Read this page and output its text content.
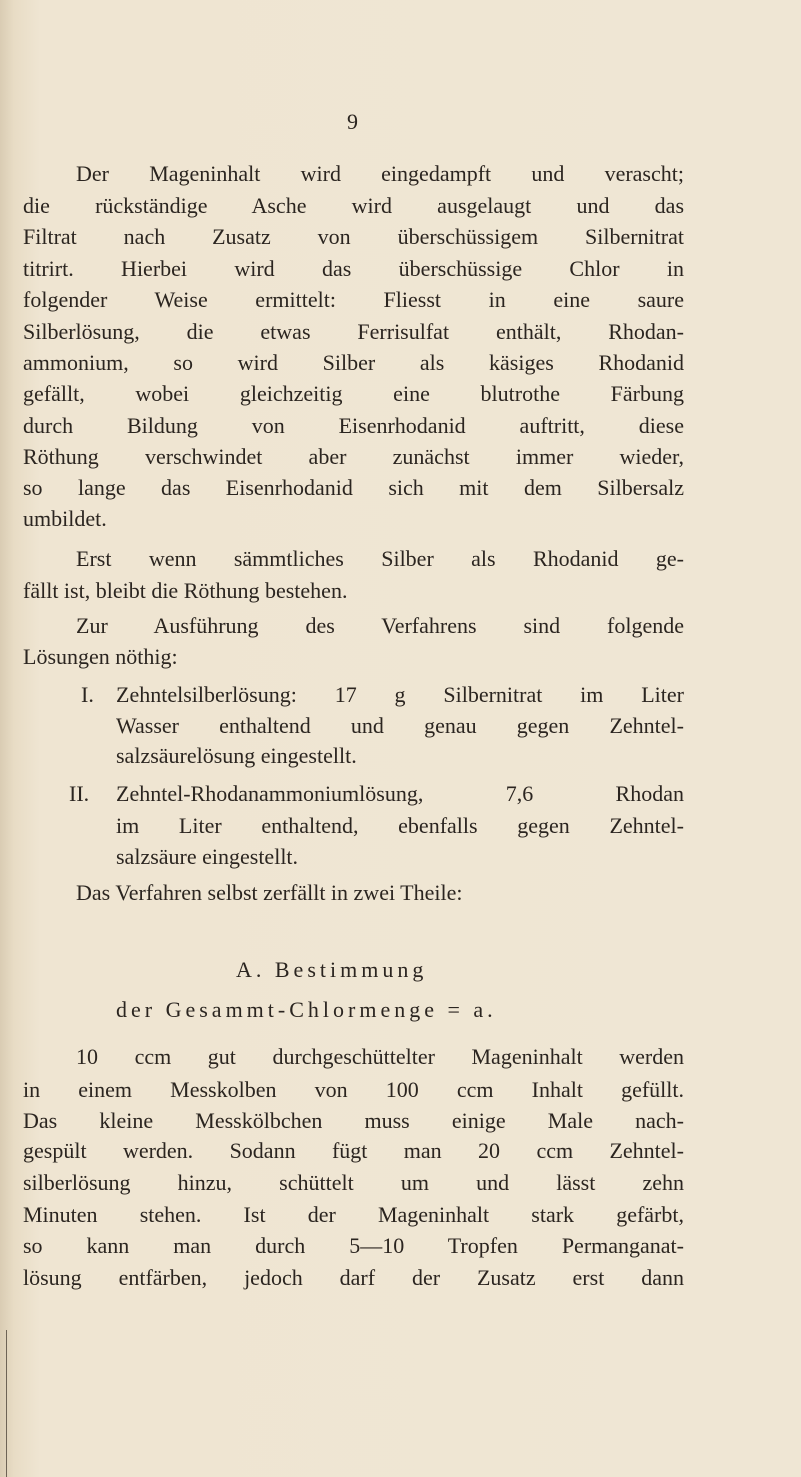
9
Der Mageninhalt wird eingedampft und verascht;
die rückständige Asche wird ausgelaugt und das
Filtrat nach Zusatz von überschüssigem Silbernitrat
titrirt. Hierbei wird das überschüssige Chlor in
folgender Weise ermittelt: Fliesst in eine saure
Silberlösung, die etwas Ferrisulfat enthält, Rhodan-
ammonium, so wird Silber als käsiges Rhodanid
gefällt, wobei gleichzeitig eine blutrothe Färbung
durch Bildung von Eisenrhodanid auftritt, diese
Röthung verschwindet aber zunächst immer wieder,
so lange das Eisenrhodanid sich mit dem Silbersalz
umbildet.
Erst wenn sämmtliches Silber als Rhodanid ge-
fällt ist, bleibt die Röthung bestehen.
Zur Ausführung des Verfahrens sind folgende
Lösungen nöthig:
I. Zehntelsilberlösung: 17 g Silbernitrat im Liter
Wasser enthaltend und genau gegen Zehntel-
salzsäurelösung eingestellt.
II. Zehntel-Rhodanammoniumlösung, 7,6 Rhodan
im Liter enthaltend, ebenfalls gegen Zehntel-
salzsäure eingestellt.
Das Verfahren selbst zerfällt in zwei Theile:
A. Bestimmung
der Gesammt-Chlormenge = a.
10 ccm gut durchgeschüttelter Mageninhalt werden
in einem Messkolben von 100 ccm Inhalt gefüllt.
Das kleine Messkölbchen muss einige Male nach-
gespült werden. Sodann fügt man 20 ccm Zehntel-
silberlösung hinzu, schüttelt um und lässt zehn
Minuten stehen. Ist der Mageninhalt stark gefärbt,
so kann man durch 5—10 Tropfen Permanganat-
lösung entfärben, jedoch darf der Zusatz erst dann
